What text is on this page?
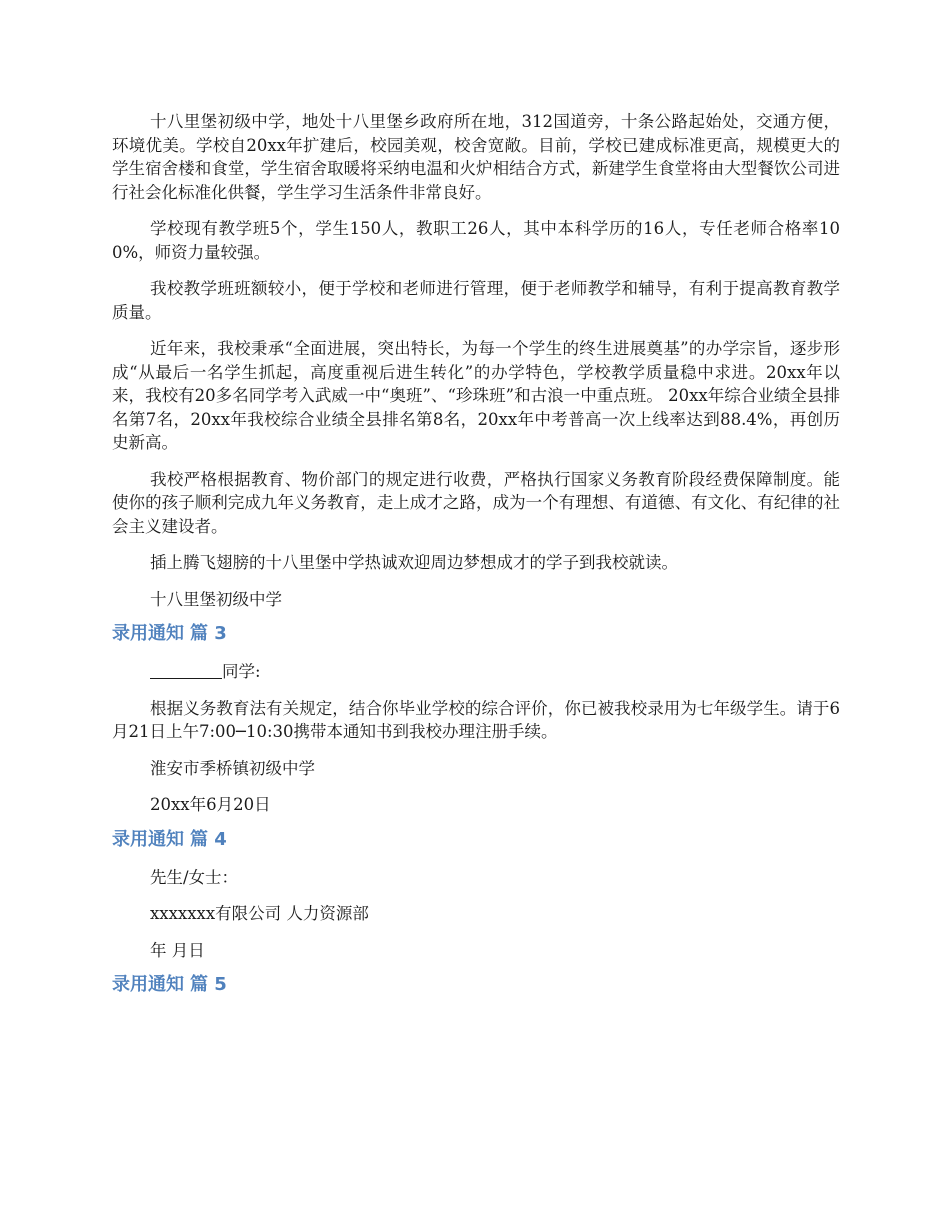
十八里堡初级中学，地处十八里堡乡政府所在地，312国道旁，十条公路起始处，交通方便，环境优美。学校自20xx年扩建后，校园美观，校舍宽敞。目前，学校已建成标准更高，规模更大的学生宿舍楼和食堂，学生宿舍取暖将采纳电温和火炉相结合方式，新建学生食堂将由大型餐饮公司进行社会化标准化供餐，学生学习生活条件非常良好。

学校现有教学班5个，学生150人，教职工26人，其中本科学历的16人，专任老师合格率100%，师资力量较强。

我校教学班班额较小，便于学校和老师进行管理，便于老师教学和辅导，有利于提高教育教学质量。

近年来，我校秉承“全面进展，突出特长，为每一个学生的终生进展奠基”的办学宗旨，逐步形成“从最后一名学生抓起，高度重视后进生转化”的办学特色，学校教学质量稳中求进。20xx年以来，我校有20多名同学考入武威一中“奥班”、“珍珠班”和古浪一中重点班。 20xx年综合业绩全县排名第7名，20xx年我校综合业绩全县排名第8名，20xx年中考普高一次上线率达到88.4%，再创历史新高。

我校严格根据教育、物价部门的规定进行收费，严格执行国家义务教育阶段经费保障制度。能使你的孩子顺利完成九年义务教育，走上成才之路，成为一个有理想、有道德、有文化、有纪律的社会主义建设者。

插上腾飞翅膀的十八里堡中学热诚欢迎周边梦想成才的学子到我校就读。

十八里堡初级中学

录用通知 篇 3

同学:

根据义务教育法有关规定，结合你毕业学校的综合评价，你已被我校录用为七年级学生。请于6月21日上午7:00─10:30携带本通知书到我校办理注册手续。

淮安市季桥镇初级中学

20xx年6月20日

录用通知 篇 4

先生/女士：

xxxxxxx有限公司 人力资源部

年 月日

录用通知 篇 5
